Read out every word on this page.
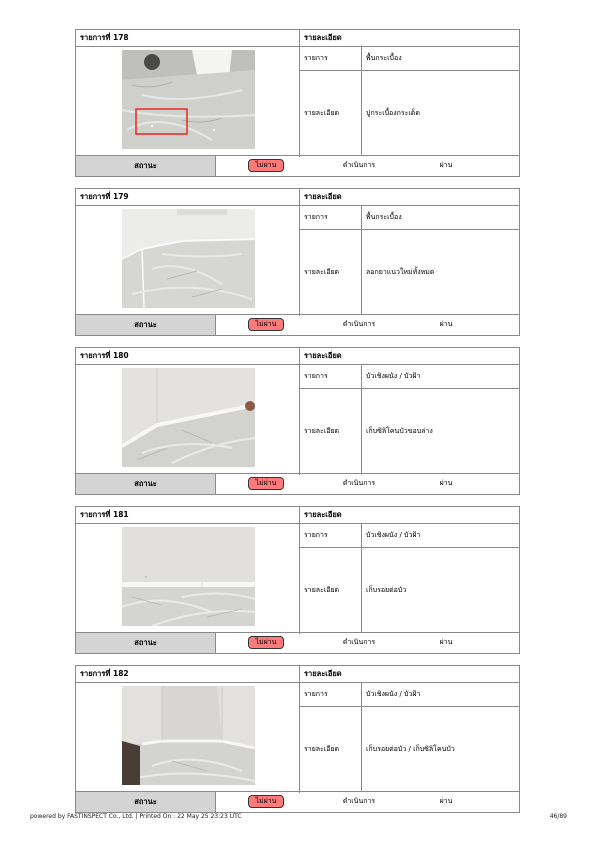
รายการที่ 178	รายละเอียด
รายการ	พื้นกระเบื้อง
รายละเอียด	ปูกระเบื้องกระเด็ด
สถานะ	ไม่ผ่าน	ดำเนินการ	ผ่าน
รายการที่ 179	รายละเอียด
รายการ	พื้นกระเบื้อง
รายละเอียด	ลอกยาแนวใหม่ทั้งหมด
สถานะ	ไม่ผ่าน	ดำเนินการ	ผ่าน
รายการที่ 180	รายละเอียด
รายการ	บัวเชิงผนัง / บัวฝ้า
รายละเอียด	เก็บซิลิโคนบัวขอบล่าง
สถานะ	ไม่ผ่าน	ดำเนินการ	ผ่าน
รายการที่ 181	รายละเอียด
รายการ	บัวเชิงผนัง / บัวฝ้า
รายละเอียด	เก็บรอยต่อบัว
สถานะ	ไม่ผ่าน	ดำเนินการ	ผ่าน
รายการที่ 182	รายละเอียด
รายการ	บัวเชิงผนัง / บัวฝ้า
รายละเอียด	เก็บรอยต่อบัว / เก็บซิลิโคนบัว
สถานะ	ไม่ผ่าน	ดำเนินการ	ผ่าน
powered by FASTINSPECT Co., Ltd. | Printed On : 22 May 25 23:23 UTC	46/89
